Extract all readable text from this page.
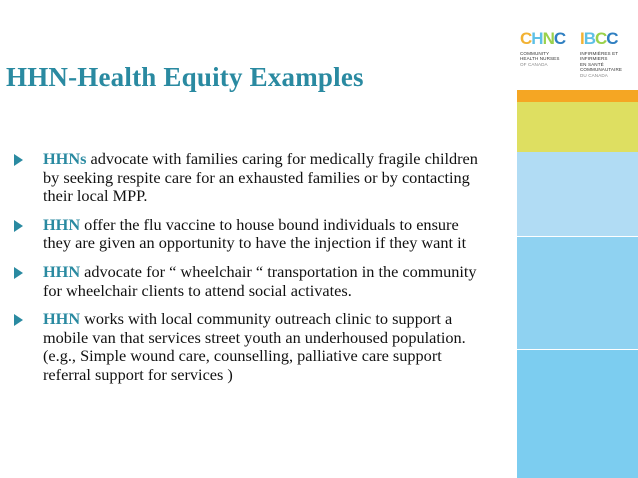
CHNC
COMMUNITY
HEALTH NURSES
OF CANADA
IBCC
INFIRMIÈRES ET INFIRMIERS
EN SANTÉ COMMUNAUTAIRE
DU CANADA
HHN-Health Equity Examples
HHNs advocate with families caring for medically fragile children
by seeking respite care for an exhausted families or by contacting
their local MPP.
HHN offer the flu vaccine to house bound individuals to ensure
they are given an opportunity to have the injection if they want it
HHN advocate for “ wheelchair “ transportation in the community
for wheelchair clients to attend social activates.
HHN works with local community outreach clinic to support a
mobile van that services street youth an underhoused population.
(e.g., Simple wound care, counselling, palliative care support
referral support for services )
